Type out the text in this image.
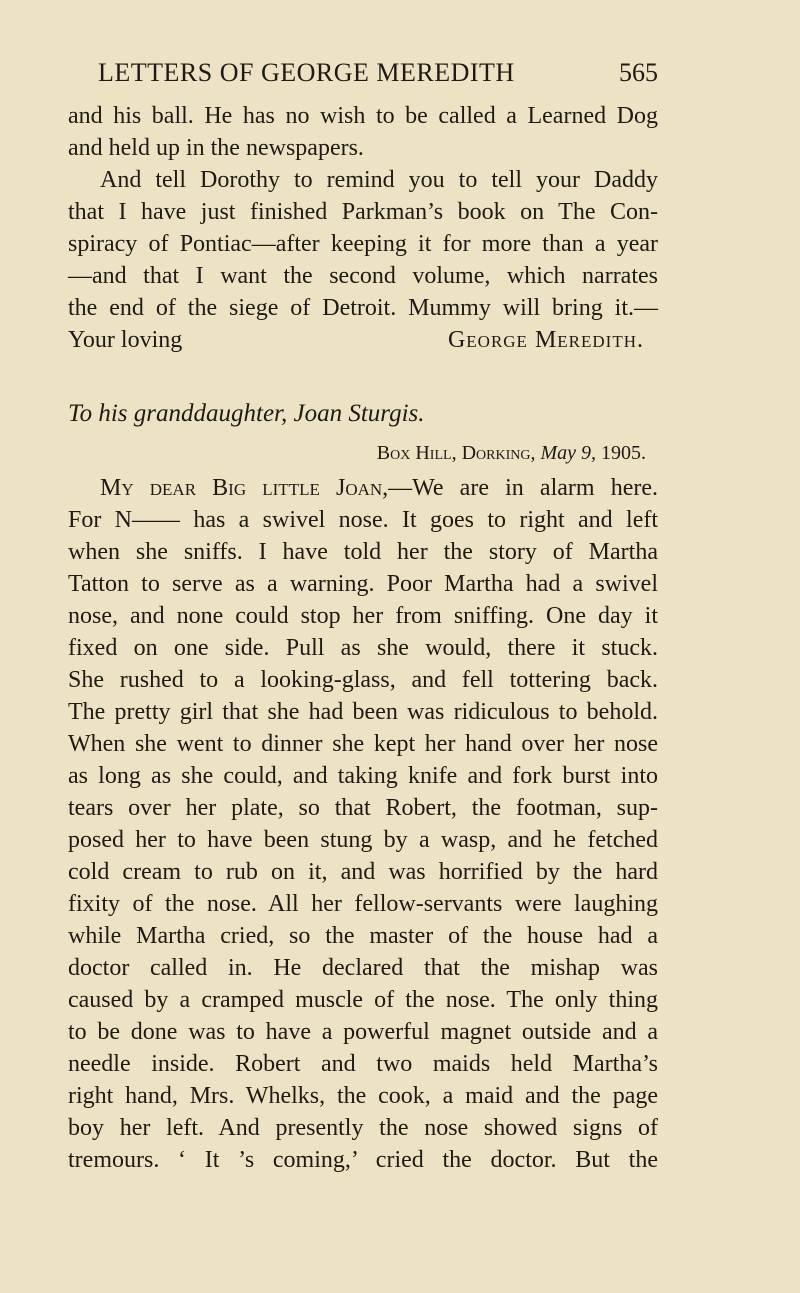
LETTERS OF GEORGE MEREDITH	565
and his ball. He has no wish to be called a Learned Dog
and held up in the newspapers.
And tell Dorothy to remind you to tell your Daddy
that I have just finished Parkman’s book on The Con-
spiracy of Pontiac—after keeping it for more than a year
—and that I want the second volume, which narrates
the end of the siege of Detroit. Mummy will bring it.—
Your loving	George Meredith.
To his granddaughter, Joan Sturgis.
Box Hill, Dorking, May 9, 1905.
My dear Big little Joan,—We are in alarm here.
For N—— has a swivel nose. It goes to right and left
when she sniffs. I have told her the story of Martha
Tatton to serve as a warning. Poor Martha had a swivel
nose, and none could stop her from sniffing. One day it
fixed on one side. Pull as she would, there it stuck.
She rushed to a looking-glass, and fell tottering back.
The pretty girl that she had been was ridiculous to behold.
When she went to dinner she kept her hand over her nose
as long as she could, and taking knife and fork burst into
tears over her plate, so that Robert, the footman, sup-
posed her to have been stung by a wasp, and he fetched
cold cream to rub on it, and was horrified by the hard
fixity of the nose. All her fellow-servants were laughing
while Martha cried, so the master of the house had a
doctor called in. He declared that the mishap was
caused by a cramped muscle of the nose. The only thing
to be done was to have a powerful magnet outside and a
needle inside. Robert and two maids held Martha’s
right hand, Mrs. Whelks, the cook, a maid and the page
boy her left. And presently the nose showed signs of
tremours. ‘ It ’s coming,’ cried the doctor. But the
